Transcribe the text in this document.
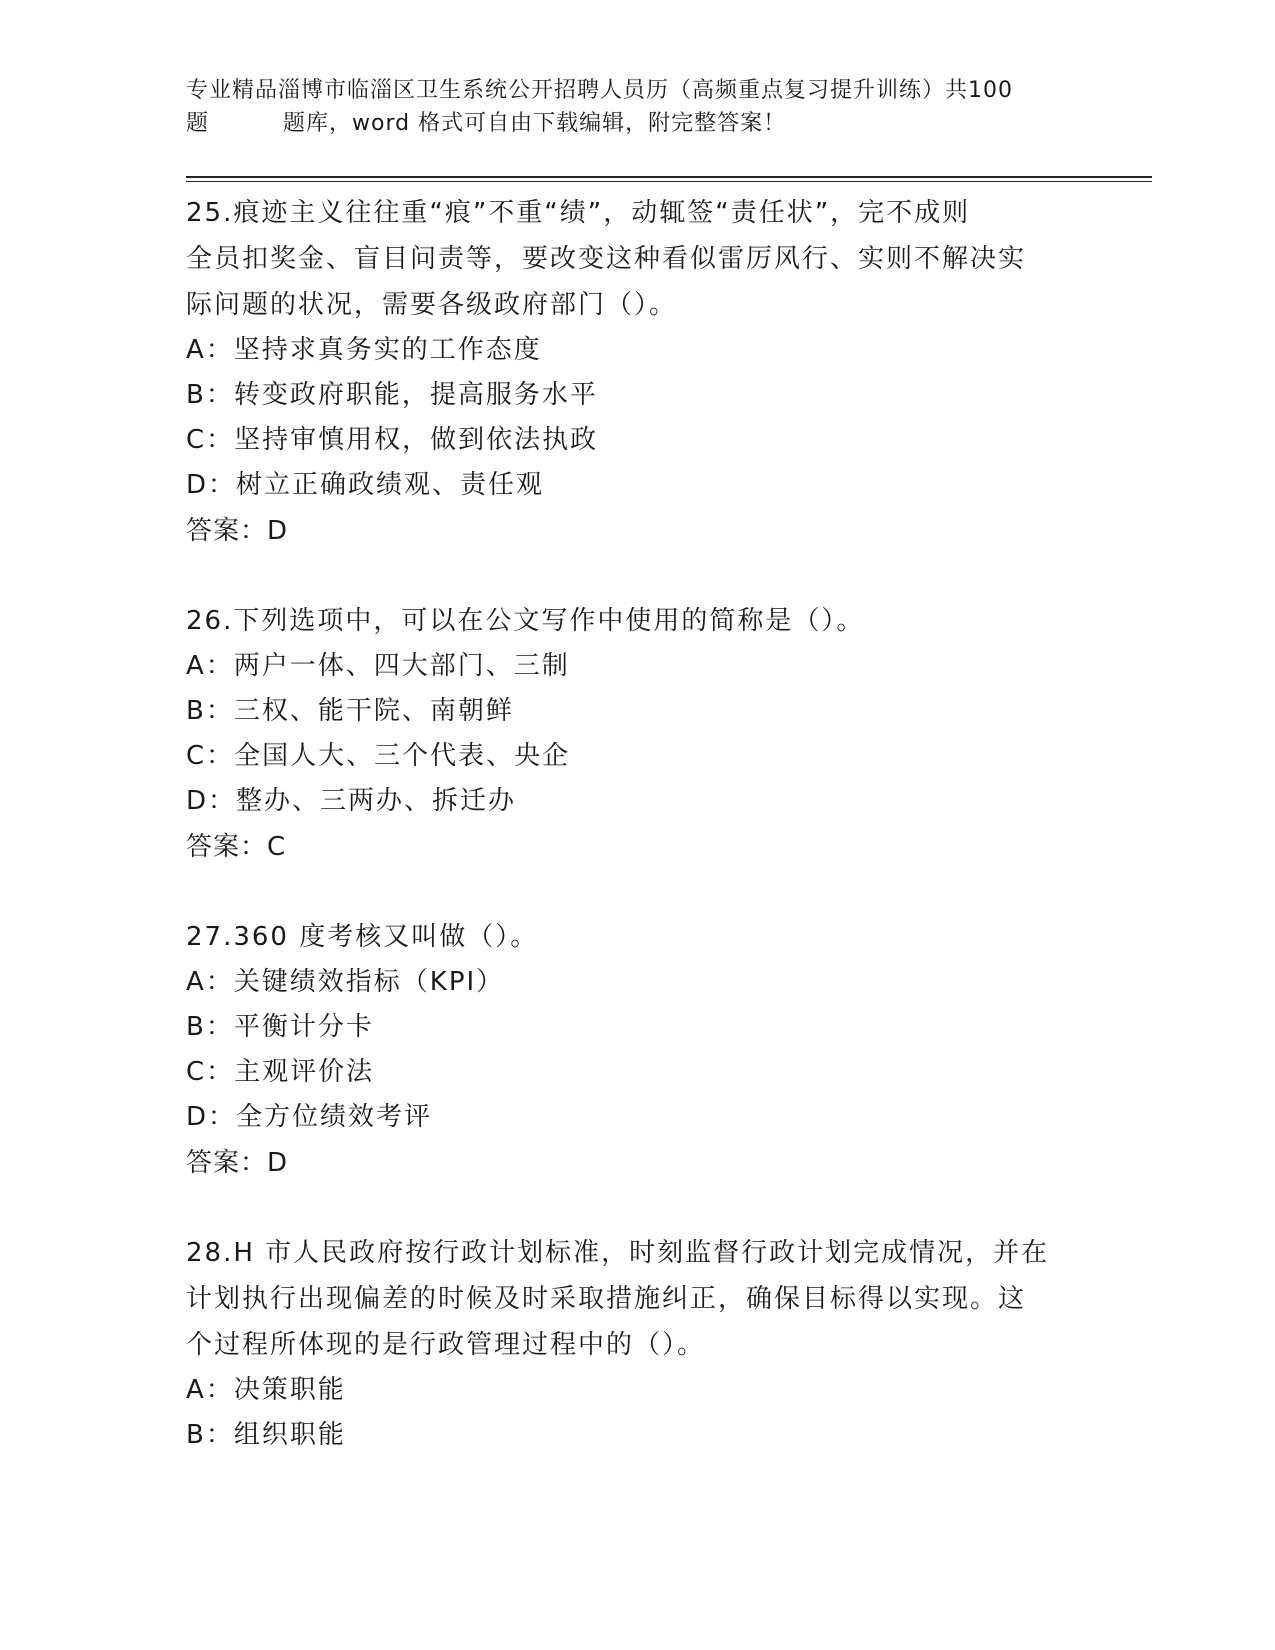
专业精品淄博市临淄区卫生系统公开招聘人员历（高频重点复习提升训练）共100
题	题库，word 格式可自由下载编辑，附完整答案！

25.痕迹主义往往重“痕”不重“绩”，动辄签“责任状”，完不成则

全员扣奖金、盲目问责等，要改变这种看似雷厉风行、实则不解决实

际问题的状况，需要各级政府部门（）。

A：坚持求真务实的工作态度

B：转变政府职能，提高服务水平

C：坚持审慎用权，做到依法执政

D：树立正确政绩观、责任观

答案：D

26.下列选项中，可以在公文写作中使用的简称是（）。

A：两户一体、四大部门、三制

B：三权、能干院、南朝鲜

C：全国人大、三个代表、央企

D：整办、三两办、拆迁办

答案：C

27.360 度考核又叫做（）。

A：关键绩效指标（KPI）

B：平衡计分卡

C：主观评价法

D：全方位绩效考评

答案：D

28.H 市人民政府按行政计划标准，时刻监督行政计划完成情况，并在

计划执行出现偏差的时候及时采取措施纠正，确保目标得以实现。这

个过程所体现的是行政管理过程中的（）。

A：决策职能

B：组织职能
